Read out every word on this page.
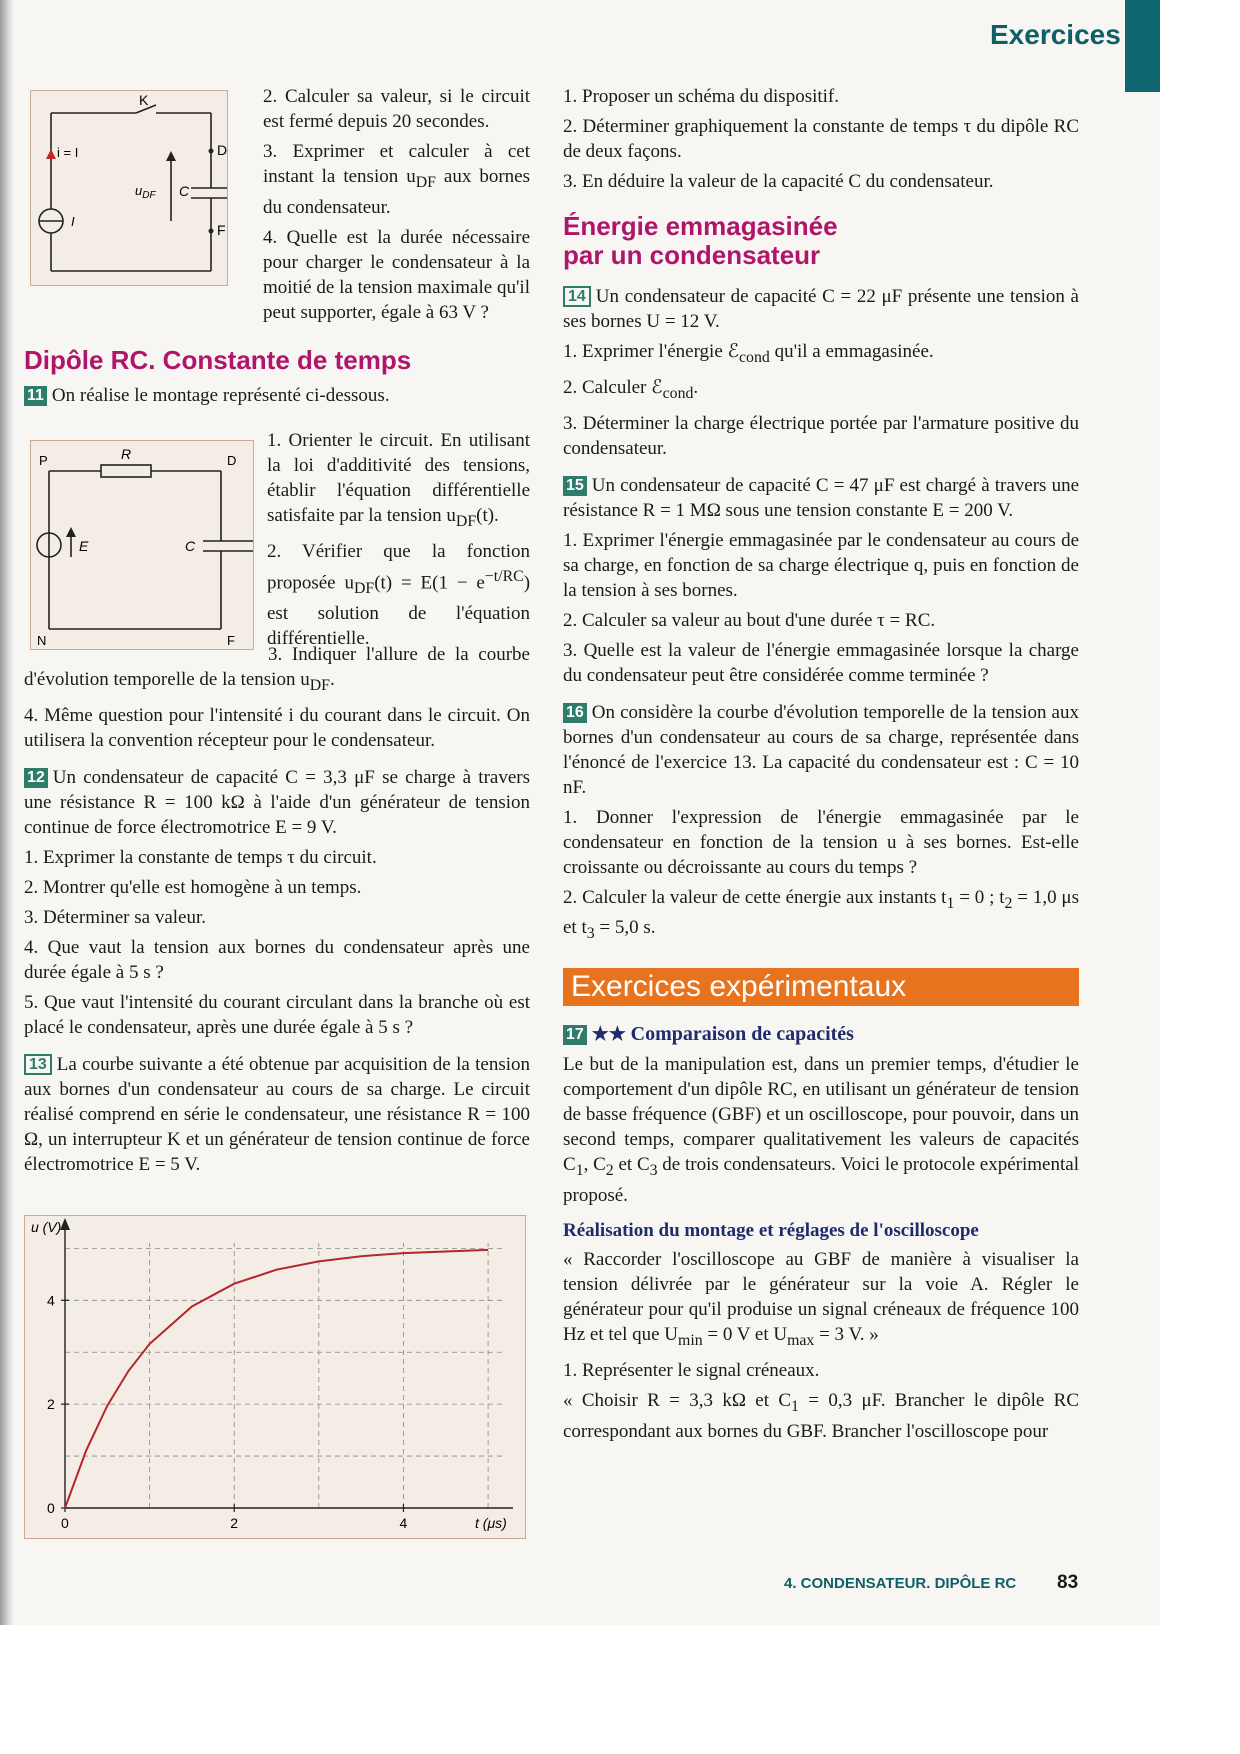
Exercices
K
D
F
i = I
$u_{DF}$ C
I

2. Calculer sa valeur, si le circuit est fermé depuis 20 secondes.

3. Exprimer et calculer à cet instant la tension $u_{DF}$ aux bornes du condensateur.

4. Quelle est la durée nécessaire pour charger le condensateur à la moitié de la tension maximale qu'il peut supporter, égale à 63 V ?

Dipôle RC. Constante de temps

11 On réalise le montage représenté ci-dessous.

P	R	D
E	C
N	F

1. Orienter le circuit. En utilisant la loi d'additivité des tensions, établir l'équation différentielle satisfaite par la tension $u_{DF}(t)$.

2. Vérifier que la fonction proposée $u_{DF}(t) = E(1 - e^{-t/RC})$ est solution de l'équation différentielle.

3. Indiquer l'allure de la courbe d'évolution temporelle de la tension $u_{DF}$.

4. Même question pour l'intensité i du courant dans le circuit. On utilisera la convention récepteur pour le condensateur.

12 Un condensateur de capacité C = 3,3 μF se charge à travers une résistance R = 100 kΩ à l'aide d'un générateur de tension continue de force électromotrice E = 9 V.

1. Exprimer la constante de temps τ du circuit.

2. Montrer qu'elle est homogène à un temps.

3. Déterminer sa valeur.

4. Que vaut la tension aux bornes du condensateur après une durée égale à 5 s ?

5. Que vaut l'intensité du courant circulant dans la branche où est placé le condensateur, après une durée égale à 5 s ?

13 La courbe suivante a été obtenue par acquisition de la tension aux bornes d'un condensateur au cours de sa charge. Le circuit réalisé comprend en série le condensateur, une résistance R = 100 Ω, un interrupteur K et un générateur de tension continue de force électromotrice E = 5 V.

0	2	4
0
2
4
t (μs)
u (V)

1. Proposer un schéma du dispositif.

2. Déterminer graphiquement la constante de temps τ du dipôle RC de deux façons.

3. En déduire la valeur de la capacité C du condensateur.

Énergie emmagasinée
par un condensateur

14 Un condensateur de capacité C = 22 μF présente une tension à ses bornes U = 12 V.

1. Exprimer l'énergie ℰ$_{cond}$ qu'il a emmagasinée.

2. Calculer ℰ$_{cond}$.

3. Déterminer la charge électrique portée par l'armature positive du condensateur.

15 Un condensateur de capacité C = 47 μF est chargé à travers une résistance R = 1 MΩ sous une tension constante E = 200 V.

1. Exprimer l'énergie emmagasinée par le condensateur au cours de sa charge, en fonction de sa charge électrique q, puis en fonction de la tension à ses bornes.

2. Calculer sa valeur au bout d'une durée τ = RC.

3. Quelle est la valeur de l'énergie emmagasinée lorsque la charge du condensateur peut être considérée comme terminée ?

16 On considère la courbe d'évolution temporelle de la tension aux bornes d'un condensateur au cours de sa charge, représentée dans l'énoncé de l'exercice 13. La capacité du condensateur est : C = 10 nF.

1. Donner l'expression de l'énergie emmagasinée par le condensateur en fonction de la tension u à ses bornes. Est-elle croissante ou décroissante au cours du temps ?

2. Calculer la valeur de cette énergie aux instants $t_1 = 0$ ; $t_2 = 1,0$ μs et $t_3 = 5,0$ s.

Exercices expérimentaux

17 ★★ Comparaison de capacités

Le but de la manipulation est, dans un premier temps, d'étudier le comportement d'un dipôle RC, en utilisant un générateur de tension de basse fréquence (GBF) et un oscilloscope, pour pouvoir, dans un second temps, comparer qualitativement les valeurs de capacités $C_1$, $C_2$ et $C_3$ de trois condensateurs. Voici le protocole expérimental proposé.

Réalisation du montage et réglages de l'oscilloscope

« Raccorder l'oscilloscope au GBF de manière à visualiser la tension délivrée par le générateur sur la voie A. Régler le générateur pour qu'il produise un signal créneaux de fréquence 100 Hz et tel que $U_{min} = 0$ V et $U_{max} = 3$ V. »

1. Représenter le signal créneaux.

« Choisir R = 3,3 kΩ et $C_1 = 0,3$ μF. Brancher le dipôle RC correspondant aux bornes du GBF. Brancher l'oscilloscope pour

4. CONDENSATEUR. DIPÔLE RC 83
